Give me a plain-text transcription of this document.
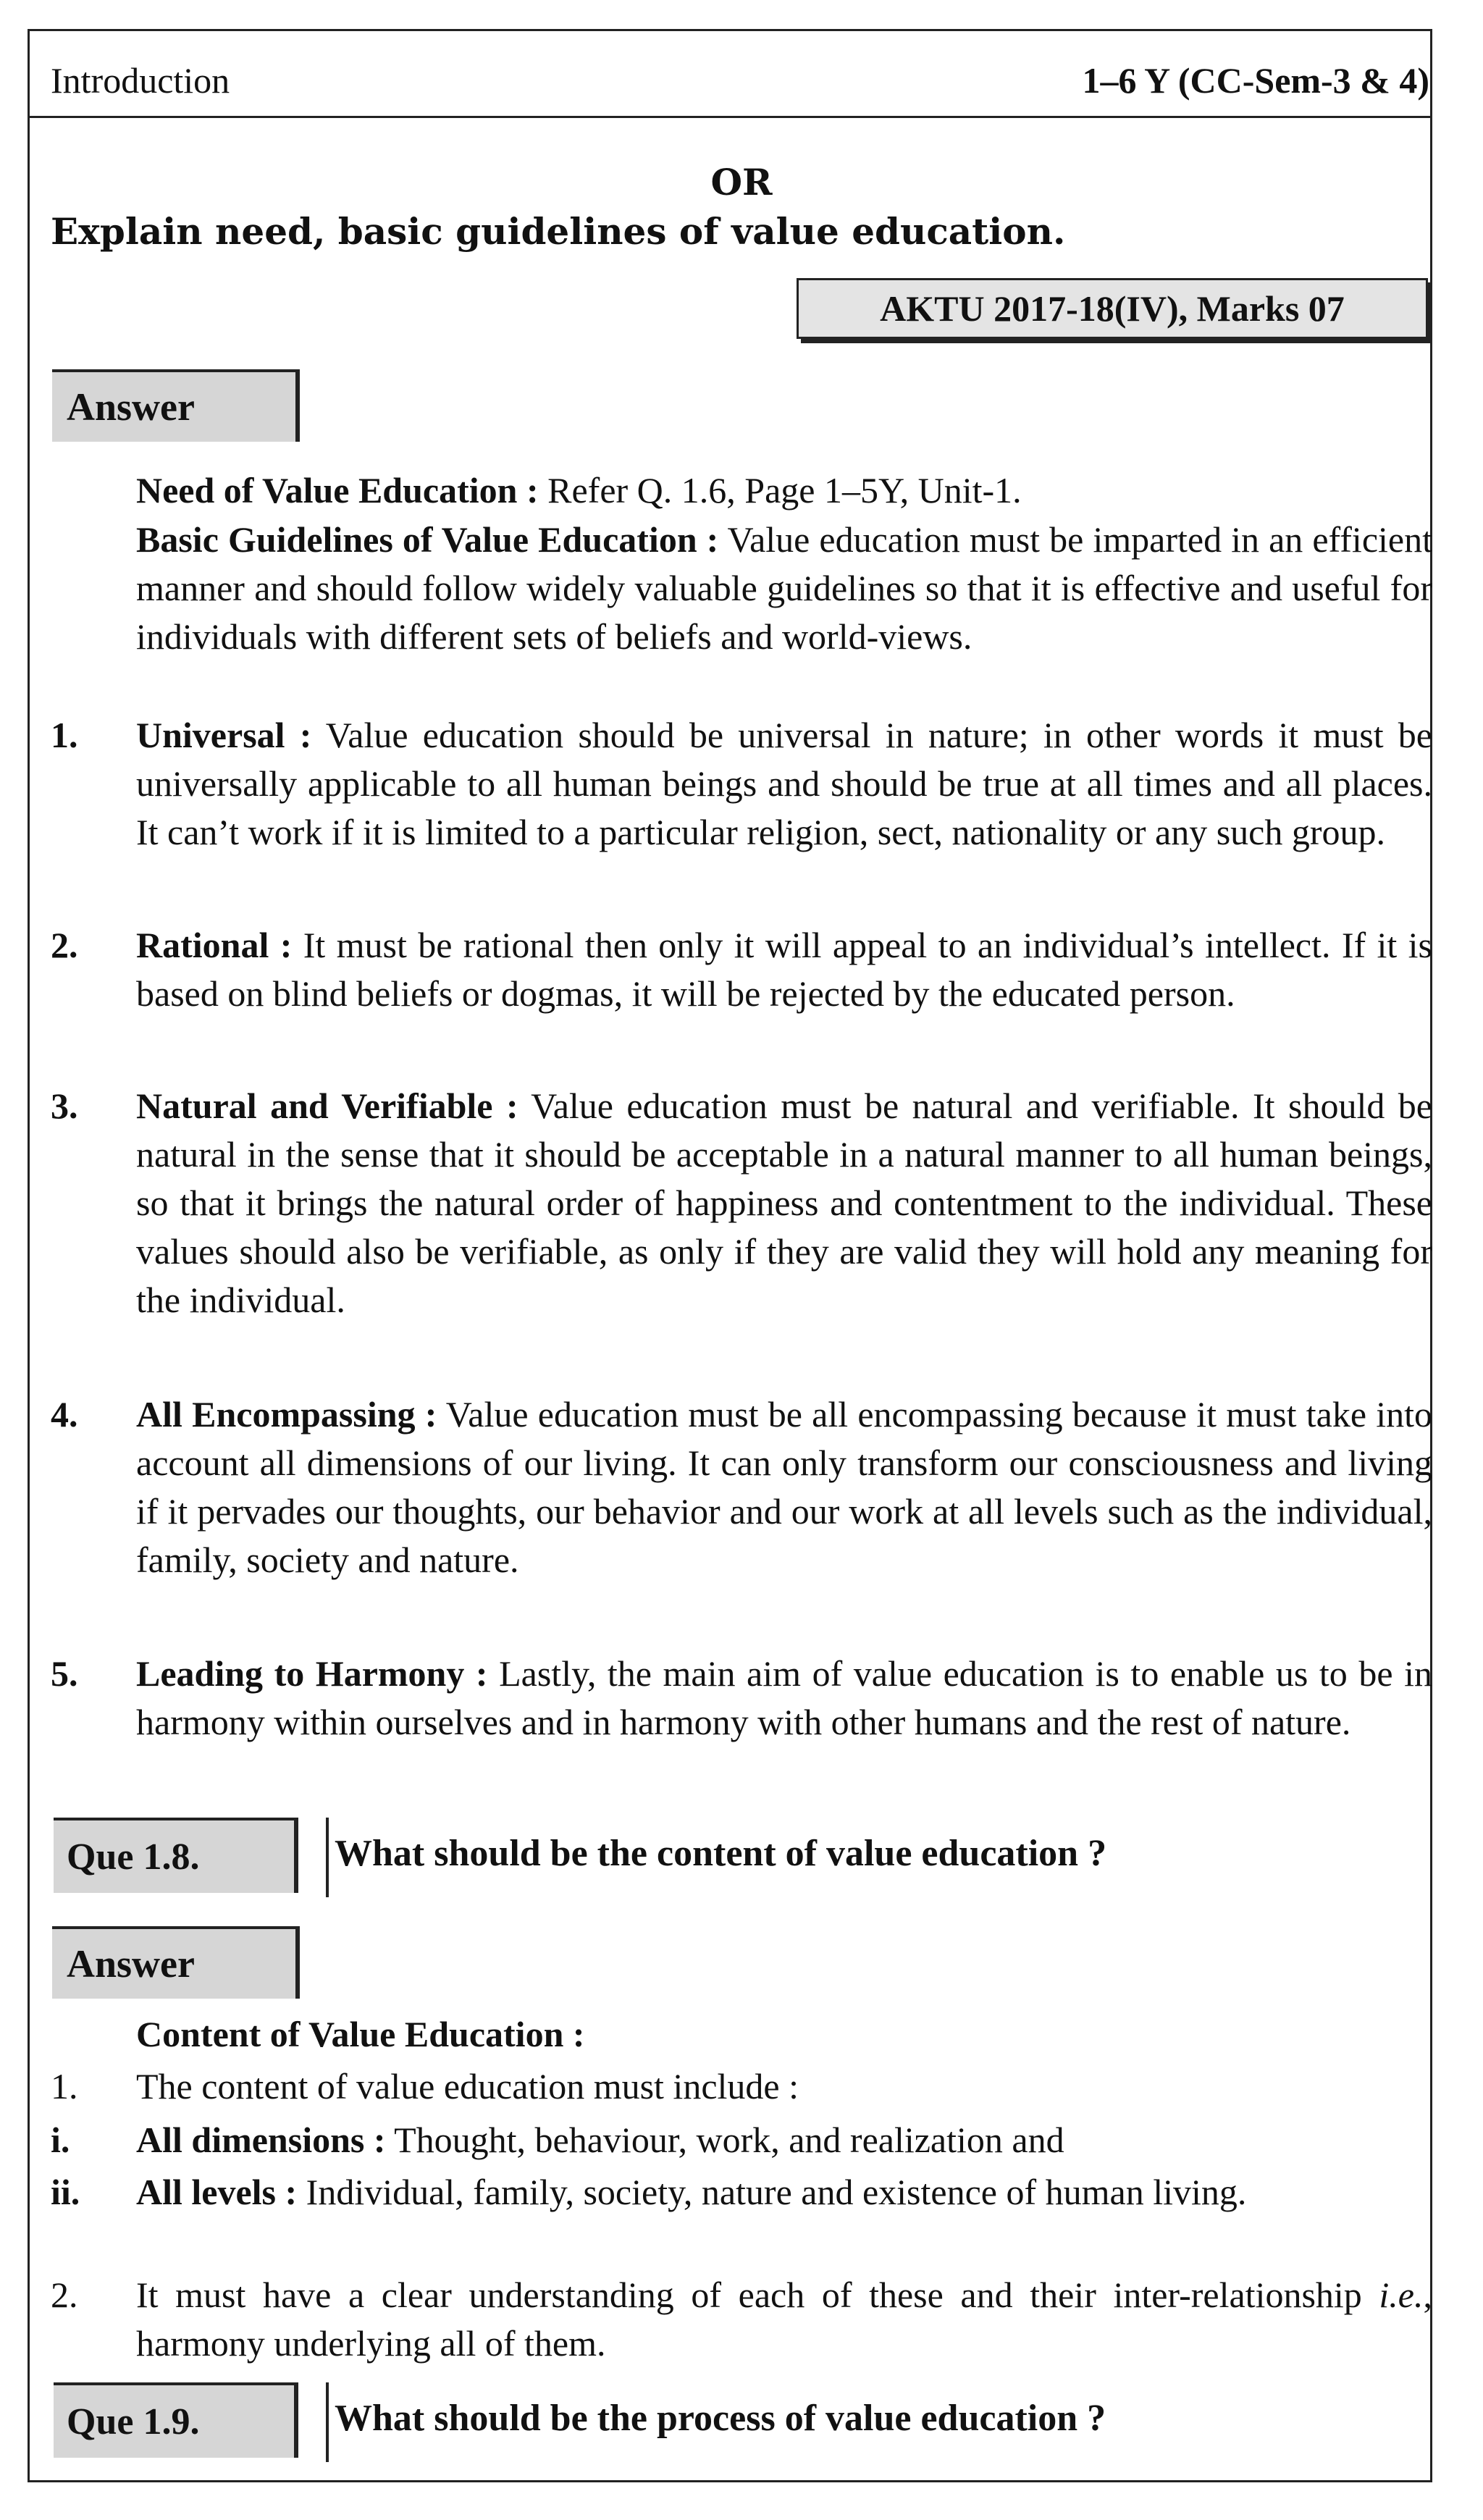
Introduction	1–6 Y (CC-Sem-3 & 4)
OR
Explain need, basic guidelines of value education.
AKTU 2017-18(IV), Marks 07
Answer
Need of Value Education : Refer Q. 1.6, Page 1–5Y, Unit-1.
Basic Guidelines of Value Education : Value education must be imparted in an efficient manner and should follow widely valuable guidelines so that it is effective and useful for individuals with different sets of beliefs and world-views.
1.	Universal : Value education should be universal in nature; in other words it must be universally applicable to all human beings and should be true at all times and all places. It can’t work if it is limited to a particular religion, sect, nationality or any such group.
2.	Rational : It must be rational then only it will appeal to an individual’s intellect. If it is based on blind beliefs or dogmas, it will be rejected by the educated person.
3.	Natural and Verifiable : Value education must be natural and verifiable. It should be natural in the sense that it should be acceptable in a natural manner to all human beings, so that it brings the natural order of happiness and contentment to the individual. These values should also be verifiable, as only if they are valid they will hold any meaning for the individual.
4.	All Encompassing : Value education must be all encompassing because it must take into account all dimensions of our living. It can only transform our consciousness and living if it pervades our thoughts, our behavior and our work at all levels such as the individual, family, society and nature.
5.	Leading to Harmony : Lastly, the main aim of value education is to enable us to be in harmony within ourselves and in harmony with other humans and the rest of nature.
Que 1.8.	What should be the content of value education ?
Answer
Content of Value Education :
1.	The content of value education must include :
i.	All dimensions : Thought, behaviour, work, and realization and
ii.	All levels : Individual, family, society, nature and existence of human living.
2.	It must have a clear understanding of each of these and their inter-relationship i.e., harmony underlying all of them.
Que 1.9.	What should be the process of value education ?
